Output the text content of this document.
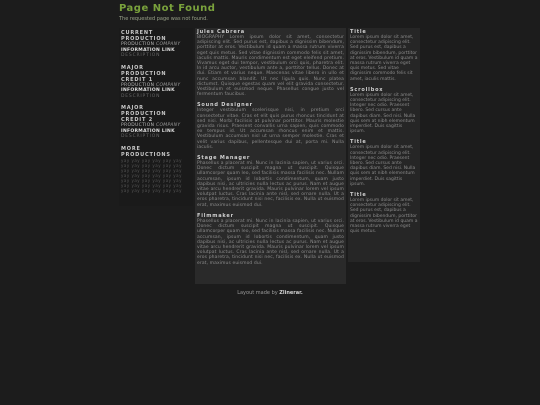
Page Not Found
The requested page was not found.
CURRENT
PRODUCTION
PRODUCTION COMPANY
INFORMATION LINK
DESCRIPTION
MAJOR
PRODUCTION
CREDIT 1
PRODUCTION COMPANY
INFORMATION LINK
DESCRIPTION
MAJOR
PRODUCTION
CREDIT 2
PRODUCTION COMPANY
INFORMATION LINK
DESCRIPTION
MORE
PRODUCTIONS
yay yay yay yay yay yay
yay yay yay yay yay yay
yay yay yay yay yay yay
yay yay yay yay yay yay
yay yay yay yay yay yay
yay yay yay yay yay yay
yay yay yay yay yay yay
Jules Cabrera
BIOGRAPHY Lorem ipsum dolor sit amet, consectetur adipiscing elit. Sed purus est, dapibus a dignissim bibendum, porttitor at eros. Vestibulum id quam a massa rutrum viverra eget quis metus. Sed vitae dignissim commodo felis sit amet, iaculis mattis. Mauris condimentum est eget eleifend pretium. Vivamus eget dui tempor, vestibulum orci quis, pharetra elit. In id arcu auctor, vestibulum ante a, porttitor tellus. Donec at dui. Etiam et varius neque. Maecenas vitae libero in ullo et nunc accumsan blandit. Ut nec ligula quis. Nunc platea dictumst. Quisque egestas quam vel elit gravida consectetur. Vestibulum et euismod neque. Phasellus congue justo vel fermentum faucibus.
Sound Designer
Integer vestibulum scelerisque nisi, in pretium orci consectetur vitae. Cras et elit quis purus rhoncus tincidunt at sed nisi. Morbi facilisis at pulvinar porttitor. Mauris molestie gravida risus. Praesent convallis urna sapien, quis commodo ex tempus id. Ut accumsan rhoncus enim et mattis. Vestibulum accumsan nisl ut urna semper molestie. Cras et velit varius dapibus, pellentesque dui at, porta mi. Nulla iaculis.
Stage Manager
Phasellus a placerat mi. Nunc in lacinia sapien, ut varius orci. Donec dictum suscipit magna ut suscipit. Quisque ullamcorper quam leo, sed facilisis massa facilisis nec. Nullam accumsan, ipsum id lobortis condimentum, quam justo dapibus nisi, ac ultricies nulla lectus ac purus. Nam et augue vitae arcu hendrerit gravida. Mauris pulvinar lorem vel ipsum volutpat luctus. Cras lacinia ante nisl, sed ornare nulla. Ut a eros pharetra, tincidunt nisi nec, facilisis ex. Nulla ut euismod erat, maximus euismod dui.
Filmmaker
Phasellus a placerat mi. Nunc in lacinia sapien, ut varius orci. Donec dictum suscipit magna ut suscipit. Quisque ullamcorper quam leo, sed facilisis massa facilisis nec. Nullam accumsan, ipsum id lobortis condimentum, quam justo dapibus nisi, ac ultricies nulla lectus ac purus. Nam et augue vitae arcu hendrerit gravida. Mauris pulvinar lorem vel ipsum volutpat luctus. Cras lacinia ante nisl, sed ornare nulla. Ut a eros pharetra, tincidunt nisi nec, facilisis ex. Nulla ut euismod erat, maximus euismod dui.
Title
Lorem ipsum dolor sit amet, consectetur adipiscing elit. Sed purus est, dapibus a dignissim bibendum, porttitor at eros. Vestibulum id quam a massa rutrum viverra eget quis metus. Sed vitae dignissim commodo felis sit amet, iaculis mattis.
Scrollbox
Lorem ipsum dolor sit amet, consectetur adipiscing elit. Integer nec odio. Praesent libero. Sed cursus ante dapibus diam. Sed nisi. Nulla quis sem at nibh elementum imperdiet. Duis sagittis ipsum.
Title
Lorem ipsum dolor sit amet, consectetur adipiscing elit. Integer nec odio. Praesent libero. Sed cursus ante dapibus diam. Sed nisi. Nulla quis sem at nibh elementum imperdiet. Duis sagittis ipsum.
Title
Lorem ipsum dolor sit amet, consectetur adipiscing elit. Sed purus est, dapibus a dignissim bibendum, porttitor at eros. Vestibulum id quam a massa rutrum viverra eget quis metus.
Layout made by Zlinerar.
